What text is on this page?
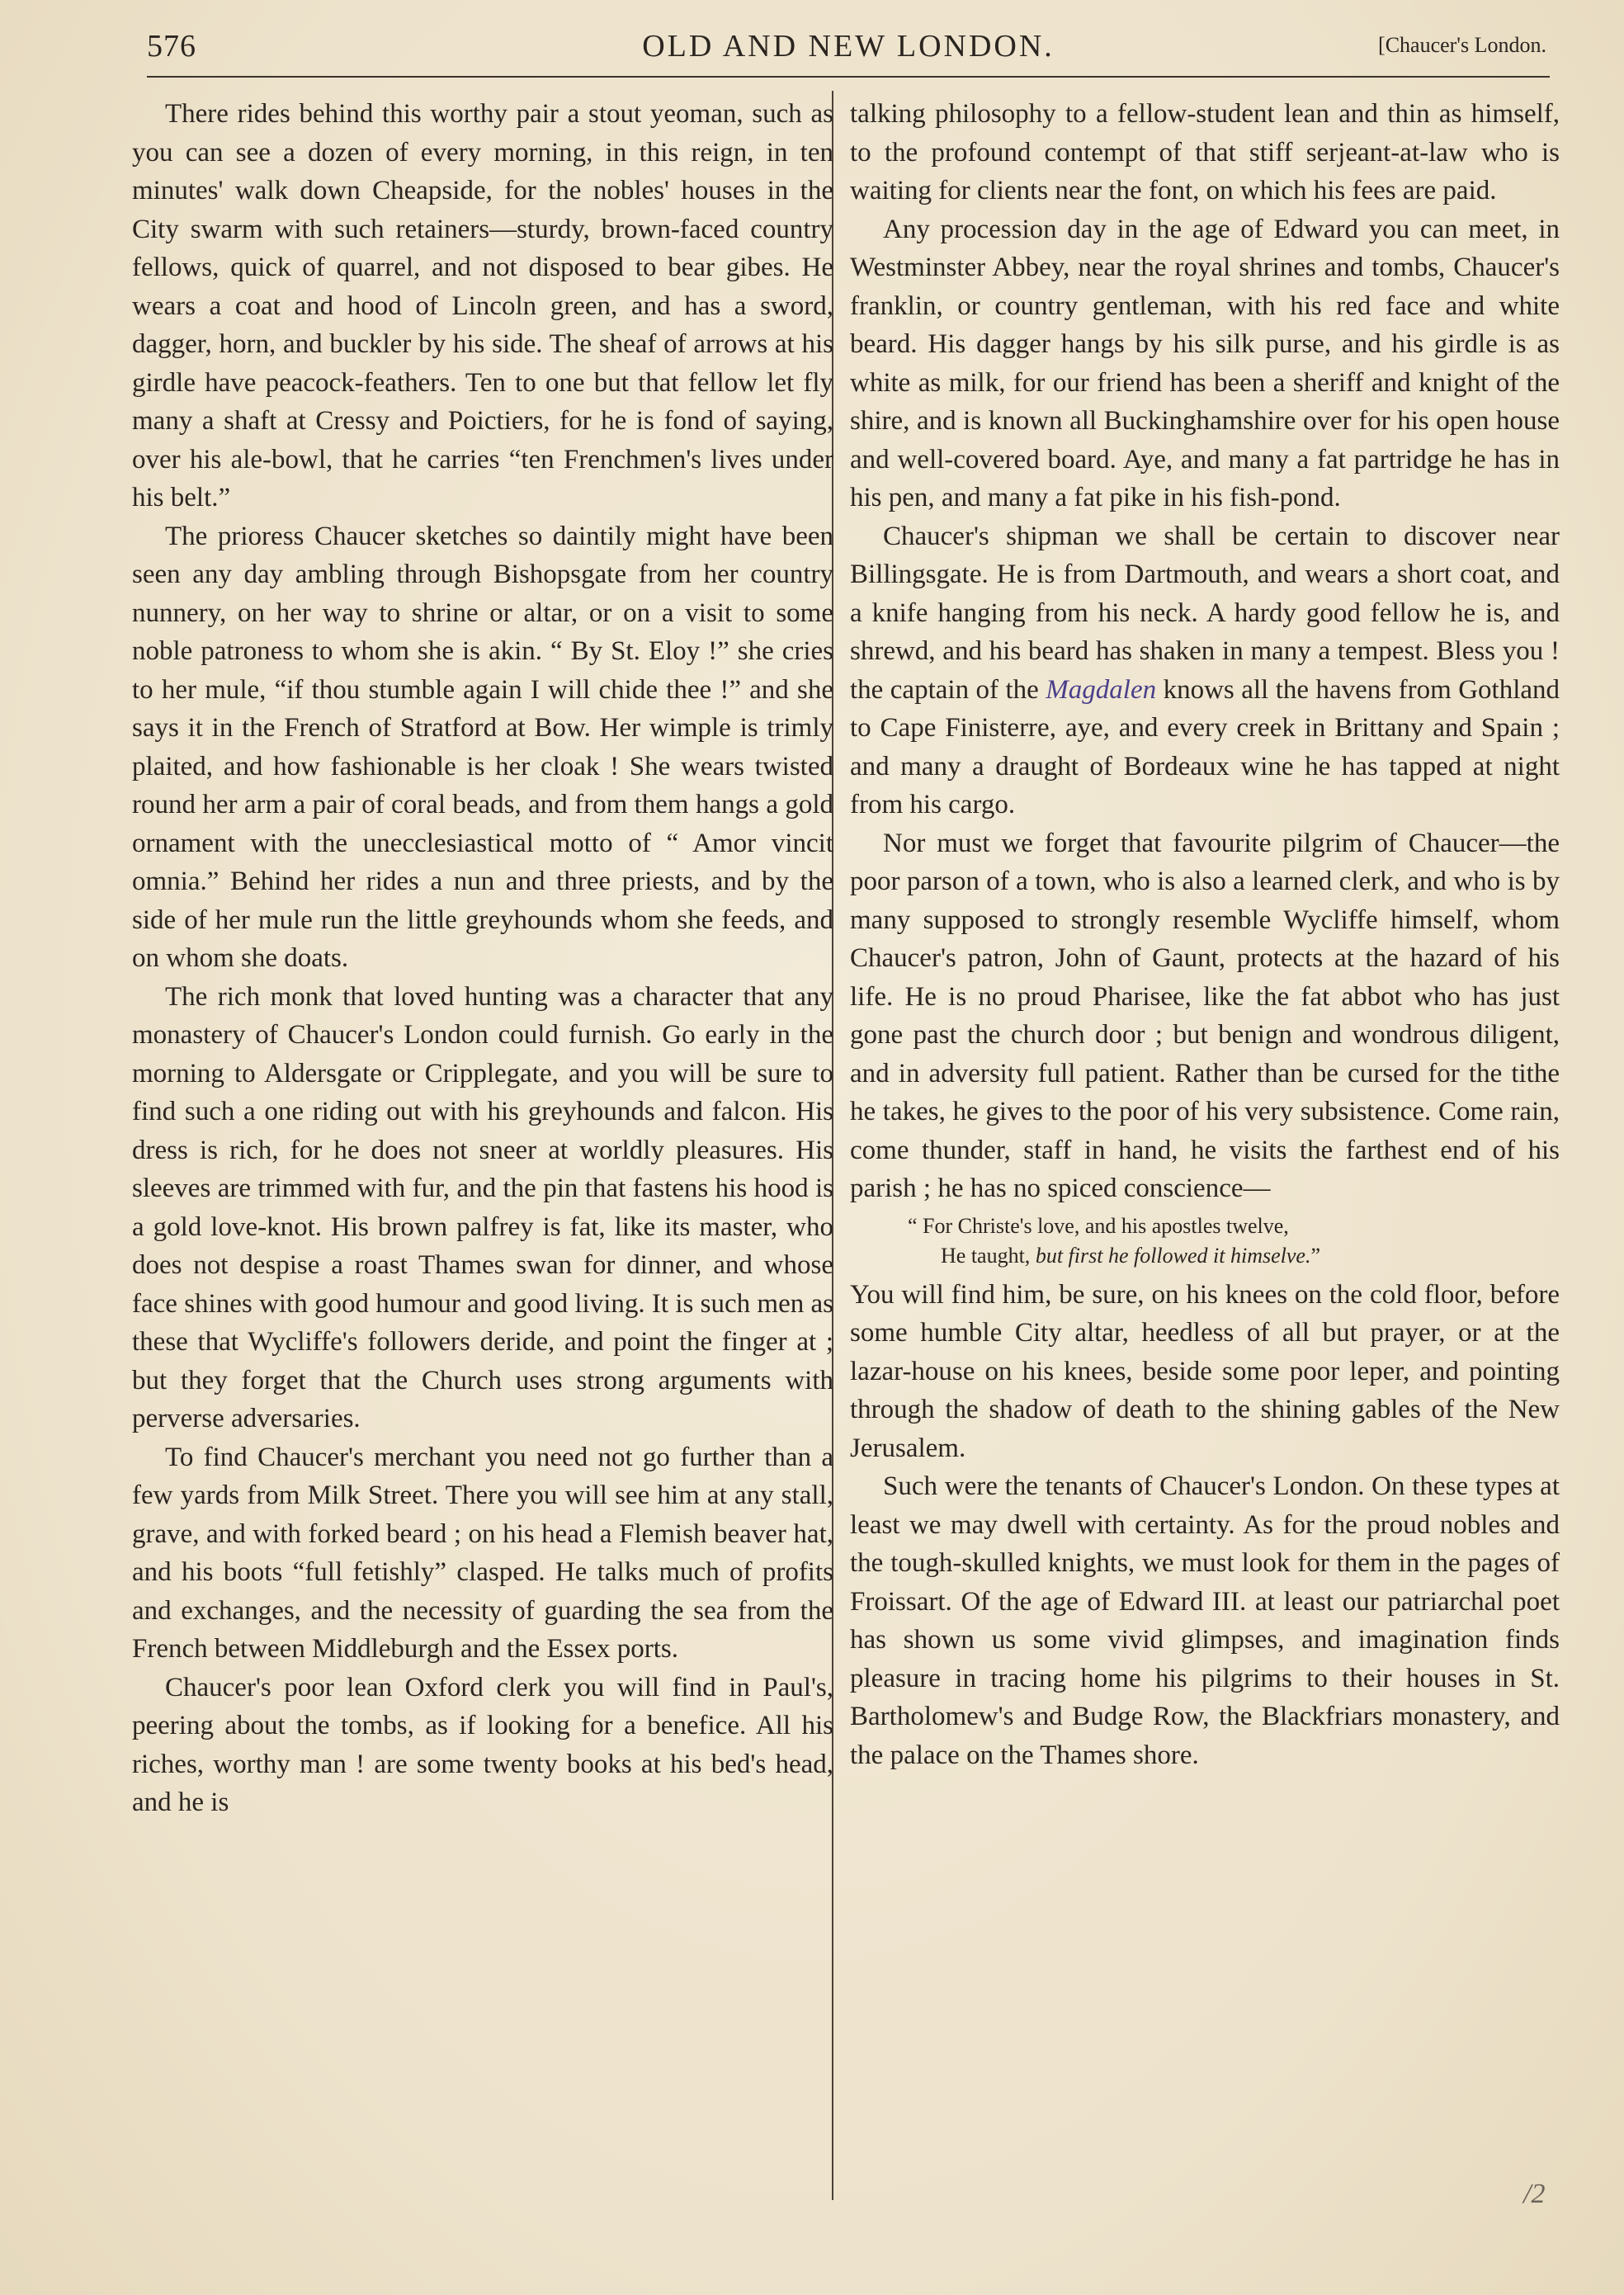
576	OLD AND NEW LONDON.	[Chaucer's London.

There rides behind this worthy pair a stout yeoman, such as you can see a dozen of every morning, in this reign, in ten minutes' walk down Cheapside, for the nobles' houses in the City swarm with such retainers—sturdy, brown-faced country fellows, quick of quarrel, and not disposed to bear gibes. He wears a coat and hood of Lincoln green, and has a sword, dagger, horn, and buckler by his side. The sheaf of arrows at his girdle have peacock-feathers. Ten to one but that fellow let fly many a shaft at Cressy and Poictiers, for he is fond of saying, over his ale-bowl, that he carries “ten Frenchmen's lives under his belt.”

The prioress Chaucer sketches so daintily might have been seen any day ambling through Bishopsgate from her country nunnery, on her way to shrine or altar, or on a visit to some noble patroness to whom she is akin. “ By St. Eloy !” she cries to her mule, “if thou stumble again I will chide thee !” and she says it in the French of Stratford at Bow. Her wimple is trimly plaited, and how fashionable is her cloak ! She wears twisted round her arm a pair of coral beads, and from them hangs a gold ornament with the unecclesiastical motto of “ Amor vincit omnia.” Behind her rides a nun and three priests, and by the side of her mule run the little greyhounds whom she feeds, and on whom she doats.

The rich monk that loved hunting was a character that any monastery of Chaucer's London could furnish. Go early in the morning to Aldersgate or Cripplegate, and you will be sure to find such a one riding out with his greyhounds and falcon. His dress is rich, for he does not sneer at worldly pleasures. His sleeves are trimmed with fur, and the pin that fastens his hood is a gold love-knot. His brown palfrey is fat, like its master, who does not despise a roast Thames swan for dinner, and whose face shines with good humour and good living. It is such men as these that Wycliffe's followers deride, and point the finger at ; but they forget that the Church uses strong arguments with perverse adversaries.

To find Chaucer's merchant you need not go further than a few yards from Milk Street. There you will see him at any stall, grave, and with forked beard ; on his head a Flemish beaver hat, and his boots “full fetishly” clasped. He talks much of profits and exchanges, and the necessity of guarding the sea from the French between Middleburgh and the Essex ports.

Chaucer's poor lean Oxford clerk you will find in Paul's, peering about the tombs, as if looking for a benefice. All his riches, worthy man ! are some twenty books at his bed's head, and he is

talking philosophy to a fellow-student lean and thin as himself, to the profound contempt of that stiff serjeant-at-law who is waiting for clients near the font, on which his fees are paid.

Any procession day in the age of Edward you can meet, in Westminster Abbey, near the royal shrines and tombs, Chaucer's franklin, or country gentleman, with his red face and white beard. His dagger hangs by his silk purse, and his girdle is as white as milk, for our friend has been a sheriff and knight of the shire, and is known all Buckinghamshire over for his open house and well-covered board. Aye, and many a fat partridge he has in his pen, and many a fat pike in his fish-pond.

Chaucer's shipman we shall be certain to discover near Billingsgate. He is from Dartmouth, and wears a short coat, and a knife hanging from his neck. A hardy good fellow he is, and shrewd, and his beard has shaken in many a tempest. Bless you ! the captain of the Magdalen knows all the havens from Gothland to Cape Finisterre, aye, and every creek in Brittany and Spain ; and many a draught of Bordeaux wine he has tapped at night from his cargo.

Nor must we forget that favourite pilgrim of Chaucer—the poor parson of a town, who is also a learned clerk, and who is by many supposed to strongly resemble Wycliffe himself, whom Chaucer's patron, John of Gaunt, protects at the hazard of his life. He is no proud Pharisee, like the fat abbot who has just gone past the church door ; but benign and wondrous diligent, and in adversity full patient. Rather than be cursed for the tithe he takes, he gives to the poor of his very subsistence. Come rain, come thunder, staff in hand, he visits the farthest end of his parish ; he has no spiced conscience—

“ For Christe's love, and his apostles twelve,
He taught, but first he followed it himselve.”

You will find him, be sure, on his knees on the cold floor, before some humble City altar, heedless of all but prayer, or at the lazar-house on his knees, beside some poor leper, and pointing through the shadow of death to the shining gables of the New Jerusalem.

Such were the tenants of Chaucer's London. On these types at least we may dwell with certainty. As for the proud nobles and the tough-skulled knights, we must look for them in the pages of Froissart. Of the age of Edward III. at least our patriarchal poet has shown us some vivid glimpses, and imagination finds pleasure in tracing home his pilgrims to their houses in St. Bartholomew's and Budge Row, the Blackfriars monastery, and the palace on the Thames shore.

/2
